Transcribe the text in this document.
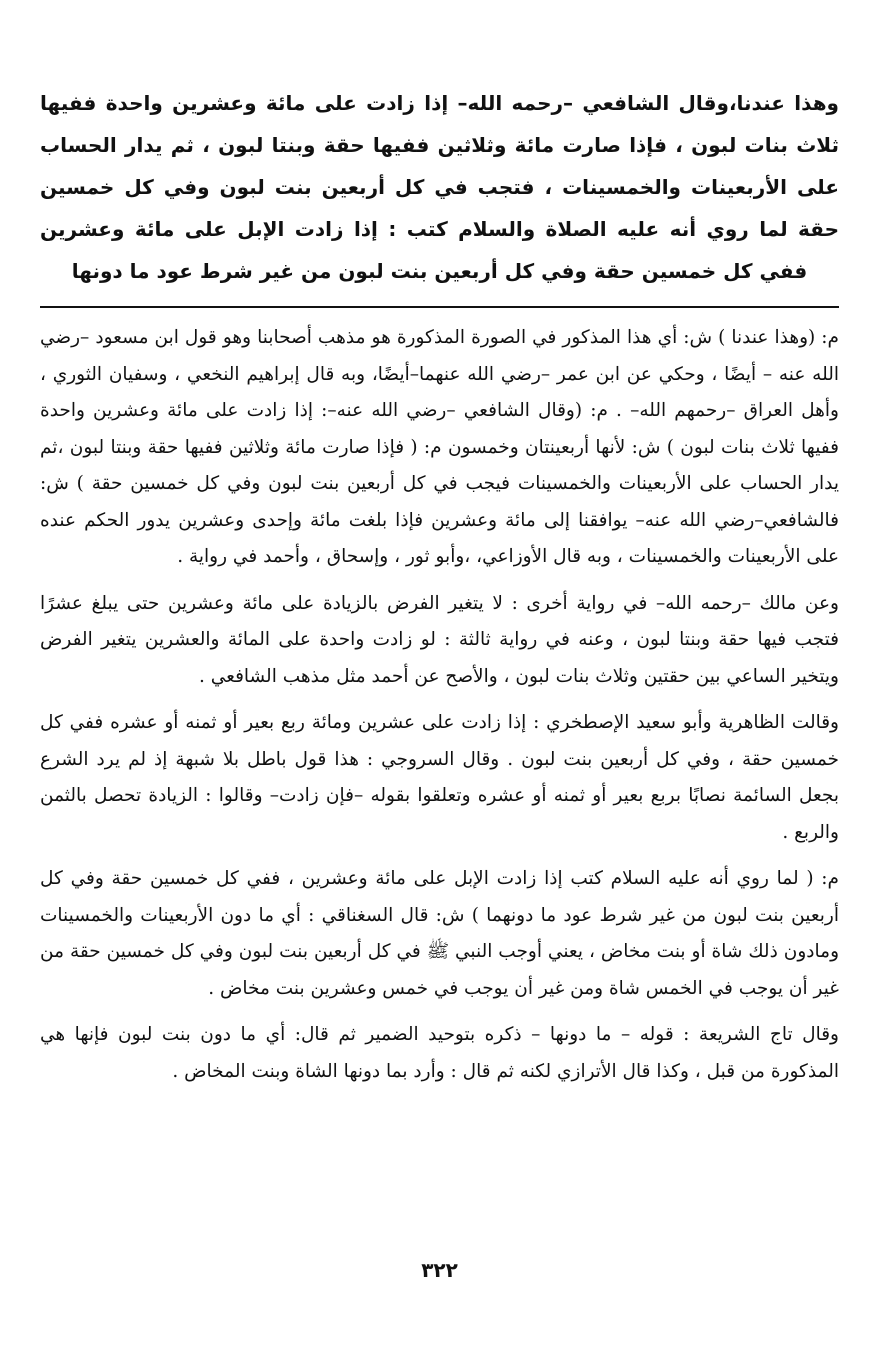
وهذا عندنا،وقال الشافعي –رحمه الله– إذا زادت على مائة وعشرين واحدة ففيها ثلاث بنات لبون ، فإذا صارت مائة وثلاثين ففيها حقة وبنتا لبون ، ثم يدار الحساب على الأربعينات والخمسينات ، فتجب في كل أربعين بنت لبون وفي كل خمسين حقة لما روي أنه عليه الصلاة والسلام كتب : إذا زادت الإبل على مائة وعشرين ففي كل خمسين حقة وفي كل أربعين بنت لبون من غير شرط عود ما دونها

م: (وهذا عندنا ) ش: أي هذا المذكور في الصورة المذكورة هو مذهب أصحابنا وهو قول ابن مسعود –رضي الله عنه – أيضًا ، وحكي عن ابن عمر –رضي الله عنهما–أيضًا، وبه قال إبراهيم النخعي ، وسفيان الثوري ، وأهل العراق –رحمهم الله– . م: (وقال الشافعي –رضي الله عنه–: إذا زادت على مائة وعشرين واحدة ففيها ثلاث بنات لبون ) ش: لأنها أربعينتان وخمسون م: ( فإذا صارت مائة وثلاثين ففيها حقة وبنتا لبون ،ثم يدار الحساب على الأربعينات والخمسينات فيجب في كل أربعين بنت لبون وفي كل خمسين حقة ) ش: فالشافعي–رضي الله عنه– يوافقنا إلى مائة وعشرين فإذا بلغت مائة وإحدى وعشرين يدور الحكم عنده على الأربعينات والخمسينات ، وبه قال الأوزاعي، ،وأبو ثور ، وإسحاق ، وأحمد في رواية .

وعن مالك –رحمه الله– في رواية أخرى : لا يتغير الفرض بالزيادة على مائة وعشرين حتى يبلغ عشرًا فتجب فيها حقة وبنتا لبون ، وعنه في رواية ثالثة : لو زادت واحدة على المائة والعشرين يتغير الفرض ويتخير الساعي بين حقتين وثلاث بنات لبون ، والأصح عن أحمد مثل مذهب الشافعي .

وقالت الظاهرية وأبو سعيد الإصطخري : إذا زادت على عشرين ومائة ربع بعير أو ثمنه أو عشره ففي كل خمسين حقة ، وفي كل أربعين بنت لبون . وقال السروجي : هذا قول باطل بلا شبهة إذ لم يرد الشرع بجعل السائمة نصابًا بربع بعير أو ثمنه أو عشره وتعلقوا بقوله –فإن زادت– وقالوا : الزيادة تحصل بالثمن والربع .

م: ( لما روي أنه عليه السلام كتب إذا زادت الإبل على مائة وعشرين ، ففي كل خمسين حقة وفي كل أربعين بنت لبون من غير شرط عود ما دونهما ) ش: قال السغناقي : أي ما دون الأربعينات والخمسينات ومادون ذلك شاة أو بنت مخاض ، يعني أوجب النبي ﷺ في كل أربعين بنت لبون وفي كل خمسين حقة من غير أن يوجب في الخمس شاة ومن غير أن يوجب في خمس وعشرين بنت مخاض .

وقال تاج الشريعة : قوله – ما دونها – ذكره بتوحيد الضمير ثم قال: أي ما دون بنت لبون فإنها هي المذكورة من قبل ، وكذا قال الأترازي لكنه ثم قال : وأرد بما دونها الشاة وبنت المخاض .

٣٢٢
